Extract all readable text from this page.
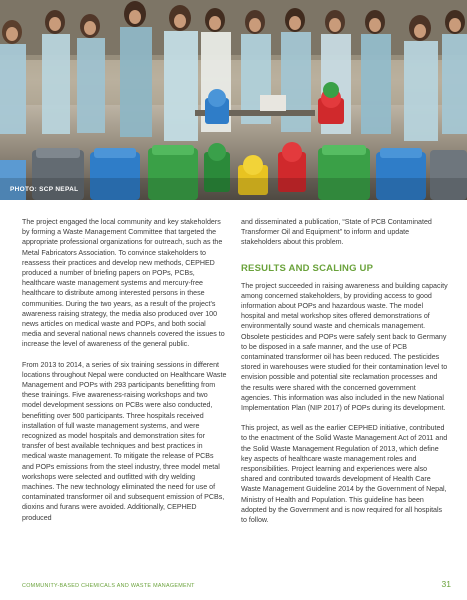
PHOTO: SCP NEPAL

The project engaged the local community and key stakeholders by forming a Waste Management Committee that targeted the appropriate professional organizations for outreach, such as the Metal Fabricators Association. To convince stakeholders to reassess their practices and develop new methods, CEPHED produced a number of briefing papers on POPs, PCBs, healthcare waste management systems and mercury-free healthcare to distribute among interested persons in these communities. During the two years, as a result of the project's awareness raising strategy, the media also produced over 100 news articles on medical waste and POPs, and both social media and several national news channels covered the issues to increase the level of awareness of the general public.

From 2013 to 2014, a series of six training sessions in different locations throughout Nepal were conducted on Healthcare Waste Management and POPs with 293 participants benefitting from these trainings. Five awareness-raising workshops and two model development sessions on PCBs were also conducted, benefitting over 500 participants. Three hospitals received installation of full waste management systems, and were recognized as model hospitals and demonstration sites for transfer of best available techniques and best practices in medical waste management. To mitigate the release of PCBs and POPs emissions from the steel industry, three model metal workshops were selected and outfitted with dry welding machines. The new technology eliminated the need for use of contaminated transformer oil and subsequent emission of PCBs, dioxins and furans were avoided. Additionally, CEPHED produced

and disseminated a publication, “State of PCB Contaminated Transformer Oil and Equipment” to inform and update stakeholders about this problem.

RESULTS AND SCALING UP

The project succeeded in raising awareness and building capacity among concerned stakeholders, by providing access to good information about POPs and hazardous waste. The model hospital and metal workshop sites offered demonstrations of environmentally sound waste and chemicals management. Obsolete pesticides and POPs were safely sent back to Germany to be disposed in a safe manner, and the use of PCB contaminated transformer oil has been reduced. The pesticides stored in warehouses were studied for their contamination level to envision possible and potential site reclamation processes and the results were shared with the concerned government agencies. This information was also included in the new National Implementation Plan (NIP 2017) of POPs during its development.

This project, as well as the earlier CEPHED initiative, contributed to the enactment of the Solid Waste Management Act of 2011 and the Solid Waste Management Regulation of 2013, which define key aspects of healthcare waste management roles and responsibilities. Project learning and experiences were also shared and contributed towards development of Health Care Waste Management Guideline 2014 by the Government of Nepal, Ministry of Health and Population. This guideline has been adopted by the Government and is now required for all hospitals to follow.

COMMUNITY-BASED CHEMICALS AND WASTE MANAGEMENT	31
